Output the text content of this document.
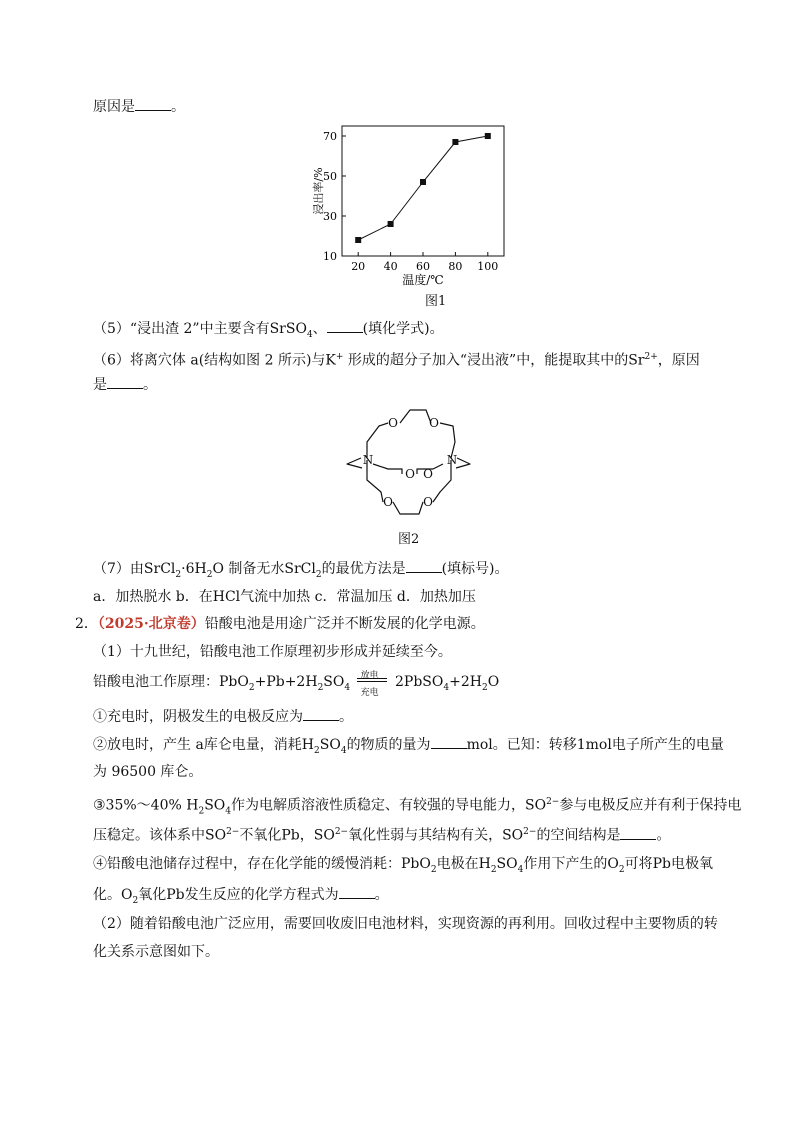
原因是	。
20 40 60 80 100
10
30
50
70
温度/℃
浸出率/%
图1
（5）“浸出渣 2”中主要含有SrSO$_4$、	(填化学式)。
（6）将离穴体 a(结构如图 2 所示)与K+ 形成的超分子加入“浸出液”中，能提取其中的$Sr^{2+}$，原因
是	。
O	O
N	N
O O
O	O
图2
（7）由$SrCl_2\cdot 6H_2O$ 制备无水SrCl$_2$的最优方法是	(填标号)。
a．加热脱水 b．在HCl气流中加热 c．常温加压 d．加热加压
2．（2025·北京卷）铅酸电池是用途广泛并不断发展的化学电源。
（1）十九世纪，铅酸电池工作原理初步形成并延续至今。
铅酸电池工作原理：$PbO_2+Pb+2H_2SO_4$
放电
充电
$2PbSO_4+2H_2O$
①充电时，阴极发生的电极反应为	。
②放电时，产生 a库仑电量，消耗$H_2SO_4$的物质的量为	mol。已知：转移1mol电子所产生的电量
为 96500 库仑。
③35%～40% $H_2SO_4$作为电解质溶液性质稳定、有较强的导电能力，$SO^{2-}$参与电极反应并有利于保持电
压稳定。该体系中$SO^{2-}$不氧化Pb，$SO^{2-}$氧化性弱与其结构有关，$SO^{2-}$的空间结构是	。
④铅酸电池储存过程中，存在化学能的缓慢消耗：PbO$_2$电极在$H_2SO_4$作用下产生的$O_2$可将Pb电极氧
化。$O_2$氧化Pb发生反应的化学方程式为	。
（2）随着铅酸电池广泛应用，需要回收废旧电池材料，实现资源的再利用。回收过程中主要物质的转
化关系示意图如下。
